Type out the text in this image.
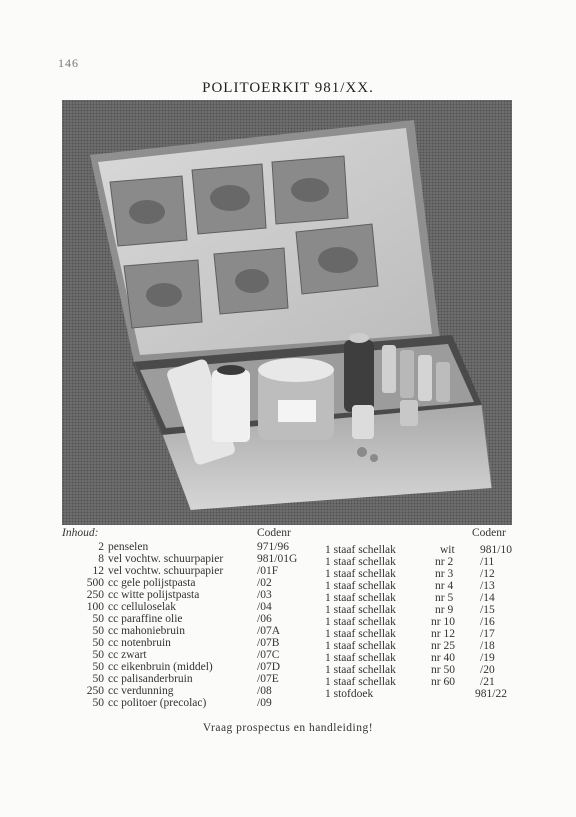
146
POLITOERKIT 981/XX.
Inhoud:	Codenr	Codenr
2 penselen	971/96
8 vel vochtw. schuurpapier	981/01G
12 vel vochtw. schuurpapier	/01F
500 cc gele polijstpasta	/02
250 cc witte polijstpasta	/03
100 cc celluloselak	/04
50 cc paraffine olie	/06
50 cc mahoniebruin	/07A
50 cc notenbruin	/07B
50 cc zwart	/07C
50 cc eikenbruin (middel)	/07D
50 cc palisanderbruin	/07E
250 cc verdunning	/08
50 cc politoer (precolac)	/09
1 staaf schellak	wit 981/10
1 staaf schellak	nr 2 /11
1 staaf schellak	nr 3 /12
1 staaf schellak	nr 4 /13
1 staaf schellak	nr 5 /14
1 staaf schellak	nr 9 /15
1 staaf schellak	nr 10 /16
1 staaf schellak	nr 12 /17
1 staaf schellak	nr 25 /18
1 staaf schellak	nr 40 /19
1 staaf schellak	nr 50 /20
1 staaf schellak	nr 60 /21
1 stofdoek	981/22
Vraag prospectus en handleiding!
